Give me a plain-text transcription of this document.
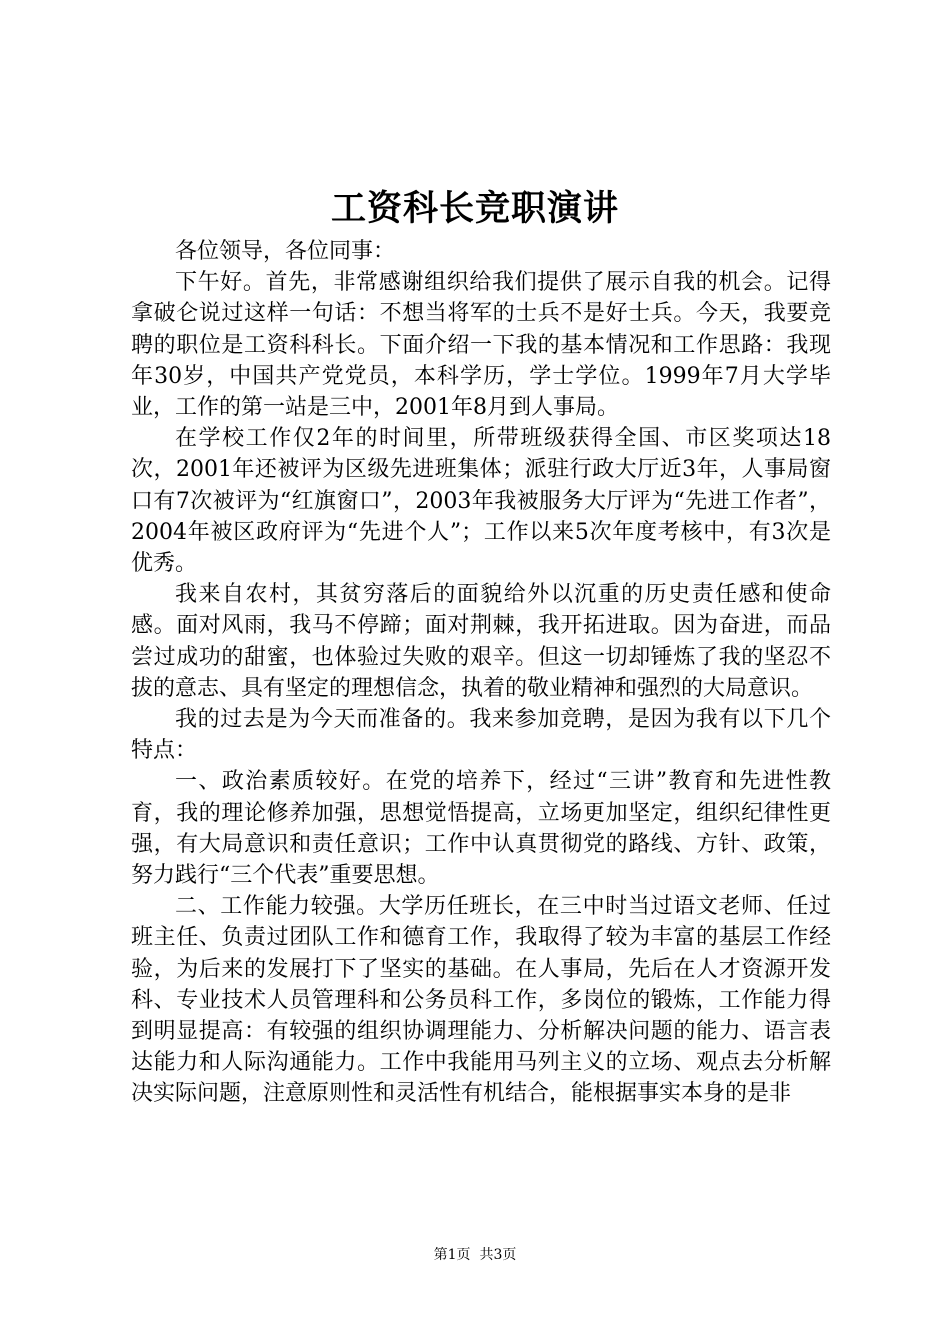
工资科长竞职演讲

各位领导，各位同事：

下午好。首先，非常感谢组织给我们提供了展示自我的机会。记得拿破仑说过这样一句话：不想当将军的士兵不是好士兵。今天，我要竞聘的职位是工资科科长。下面介绍一下我的基本情况和工作思路：我现年30岁，中国共产党党员，本科学历，学士学位。1999年7月大学毕业，工作的第一站是三中，2001年8月到人事局。

在学校工作仅2年的时间里，所带班级获得全国、市区奖项达18次，2001年还被评为区级先进班集体；派驻行政大厅近3年，人事局窗口有7次被评为“红旗窗口”，2003年我被服务大厅评为“先进工作者”，2004年被区政府评为“先进个人”；工作以来5次年度考核中，有3次是优秀。

我来自农村，其贫穷落后的面貌给外以沉重的历史责任感和使命感。面对风雨，我马不停蹄；面对荆棘，我开拓进取。因为奋进，而品尝过成功的甜蜜，也体验过失败的艰辛。但这一切却锤炼了我的坚忍不拔的意志、具有坚定的理想信念，执着的敬业精神和强烈的大局意识。

我的过去是为今天而准备的。我来参加竞聘，是因为我有以下几个特点：

一、政治素质较好。在党的培养下，经过“三讲”教育和先进性教育，我的理论修养加强，思想觉悟提高，立场更加坚定，组织纪律性更强，有大局意识和责任意识；工作中认真贯彻党的路线、方针、政策，努力践行“三个代表”重要思想。

二、工作能力较强。大学历任班长，在三中时当过语文老师、任过班主任、负责过团队工作和德育工作，我取得了较为丰富的基层工作经验，为后来的发展打下了坚实的基础。在人事局，先后在人才资源开发科、专业技术人员管理科和公务员科工作，多岗位的锻炼，工作能力得到明显提高：有较强的组织协调理能力、分析解决问题的能力、语言表达能力和人际沟通能力。工作中我能用马列主义的立场、观点去分析解决实际问题，注意原则性和灵活性有机结合，能根据事实本身的是非

第1页 共3页
